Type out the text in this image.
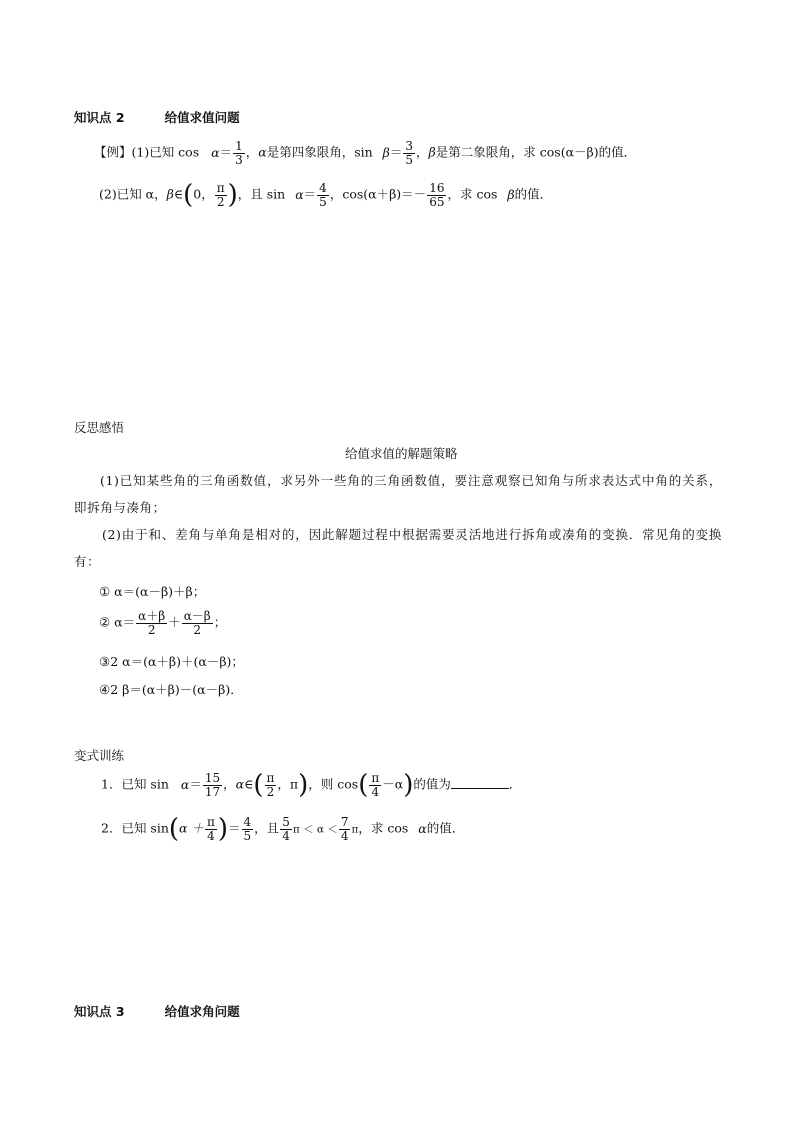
知识点 2	给值求值问题
【例】(1)已知 $\cos \alpha= \frac{1}{3}$ ，α是第四象限角，$\sin \beta= \frac{3}{5}$ ，β是第二象限角，求 cos(α－β)的值．
(2)已知 α，β∈(0， $\frac{\pi}{2}$ )，且 $\sin \alpha= \frac{4}{5}$ ，$\cos(\alpha+\beta)=- \frac{16}{65}$ ，求 cos β的值．
反思感悟
给值求值的解题策略
(1)已知某些角的三角函数值，求另外一些角的三角函数值，要注意观察已知角与所求表达式中角的关系，即拆角与凑角；
(2)由于和、差角与单角是相对的，因此解题过程中根据需要灵活地进行拆角或凑角的变换．常见角的变换有：
① α＝(α－β)＋β；
② $\alpha= \frac{\alpha+\beta}{2} + \frac{\alpha-\beta}{2}$ ；
③2 α＝(α＋β)＋(α－β)；
④2 β＝(α＋β)－(α－β)．
变式训练
1．已知 $\sin \alpha= \frac{15}{17}$ ，α∈( $\frac{\pi}{2}$ ，π)，则 $\cos( \frac{\pi}{4} -\alpha)$的值为	．
2．已知 $\sin(\alpha + \frac{\pi}{4}$ )＝ $\frac{4}{5}$ ，且 $\frac{5}{4}$ $\pi < \alpha < \frac{7}{4}$ π，求 cos α的值．
知识点 3	给值求角问题
